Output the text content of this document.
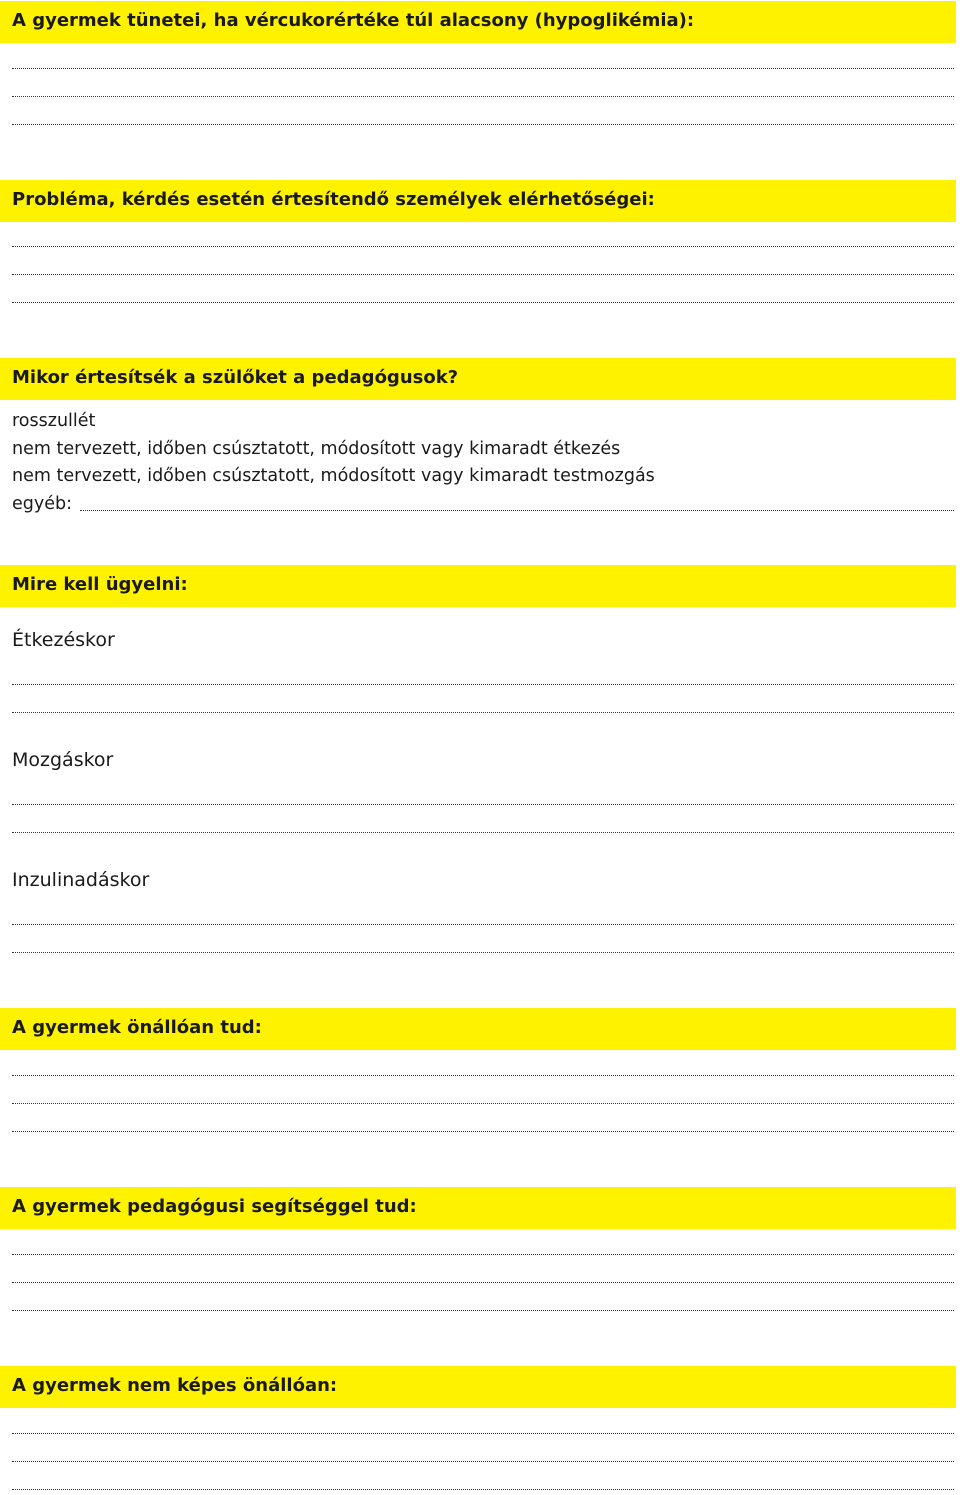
A gyermek tünetei, ha vércukorértéke túl alacsony (hypoglikémia):
Probléma, kérdés esetén értesítendő személyek elérhetőségei:
Mikor értesítsék a szülőket a pedagógusok?
rosszullét
nem tervezett, időben csúsztatott, módosított vagy kimaradt étkezés
nem tervezett, időben csúsztatott, módosított vagy kimaradt testmozgás
egyéb:
Mire kell ügyelni:
Étkezéskor
Mozgáskor
Inzulinadáskor
A gyermek önállóan tud:
A gyermek pedagógusi segítséggel tud:
A gyermek nem képes önállóan:
